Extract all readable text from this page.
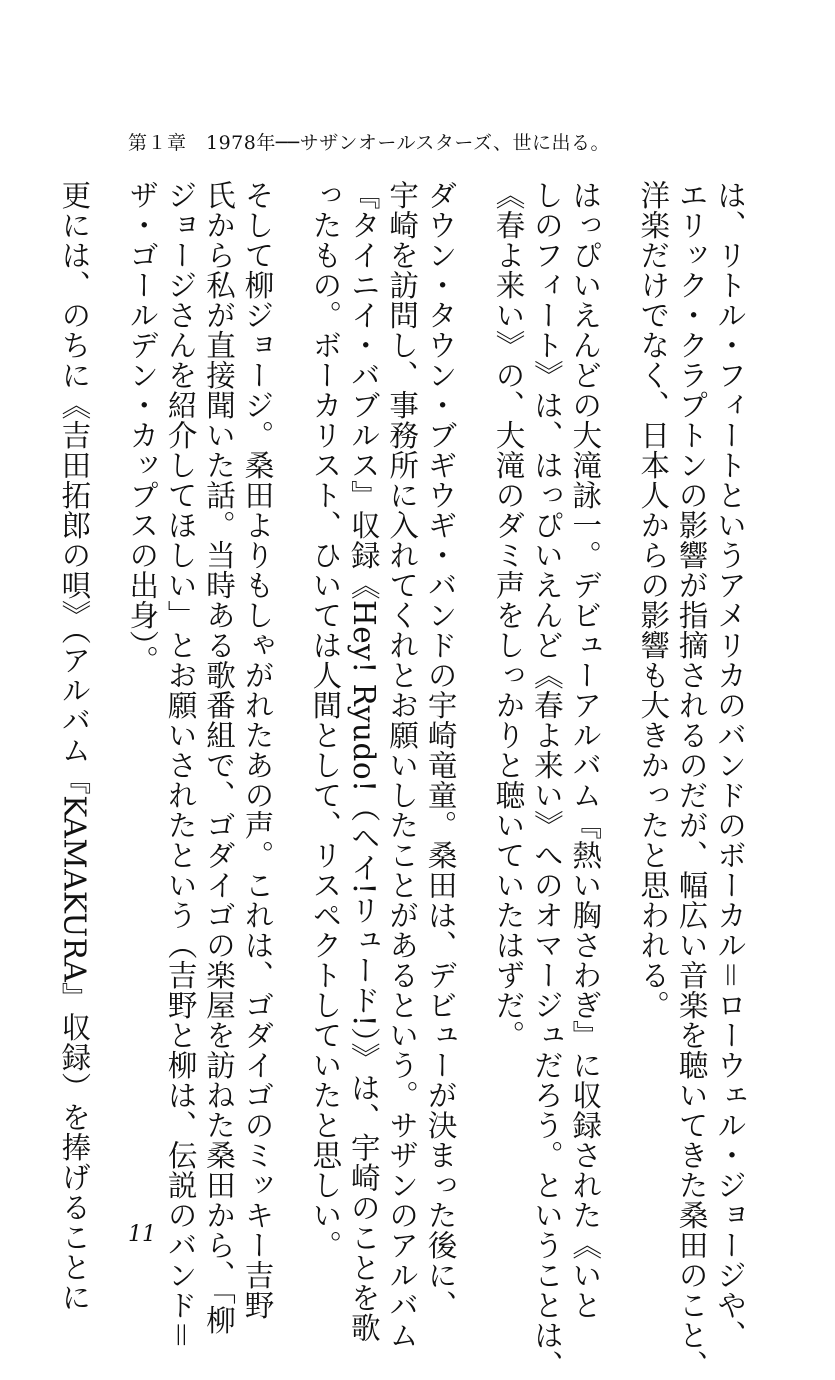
第１章　1978年──サザンオールスターズ、世に出る。
は、リトル・フィートというアメリカのバンドのボーカル＝ローウェル・ジョージや、
エリック・クラプトンの影響が指摘されるのだが、幅広い音楽を聴いてきた桑田のこと、
洋楽だけでなく、日本人からの影響も大きかったと思われる。
はっぴいえんどの大滝詠一。デビューアルバム『熱い胸さわぎ』に収録された《いと
しのフィート》は、はっぴいえんど《春よ来い》へのオマージュだろう。ということは、
《春よ来い》の、大滝のダミ声をしっかりと聴いていたはずだ。
ダウン・タウン・ブギウギ・バンドの宇崎竜童。桑田は、デビューが決まった後に、
宇崎を訪問し、事務所に入れてくれとお願いしたことがあるという。サザンのアルバム
『タイニイ・バブルス』収録《Hey! Ryudo!（ヘイ!リュード!）》は、宇崎のことを歌
ったもの。ボーカリスト、ひいては人間として、リスペクトしていたと思しい。
そして柳ジョージ。桑田よりもしゃがれたあの声。これは、ゴダイゴのミッキー吉野
氏から私が直接聞いた話。当時ある歌番組で、ゴダイゴの楽屋を訪ねた桑田から、「柳
ジョージさんを紹介してほしい」とお願いされたという（吉野と柳は、伝説のバンド＝
ザ・ゴールデン・カップスの出身）。
更には、のちに《吉田拓郎の唄》（アルバム『KAMAKURA』収録）を捧げることに	11
